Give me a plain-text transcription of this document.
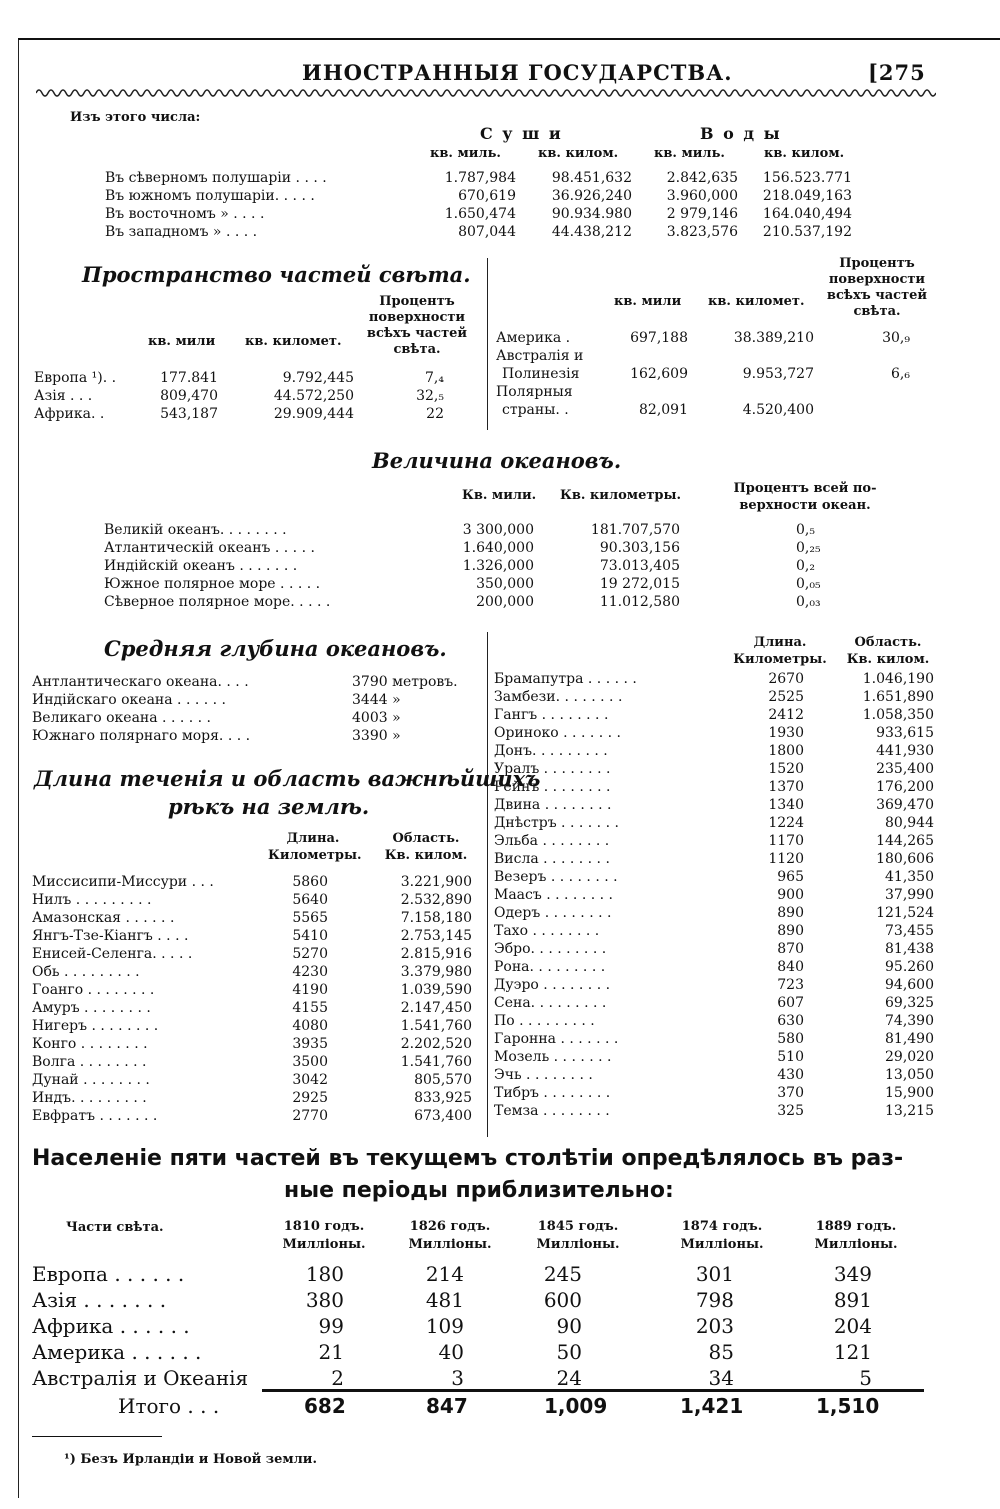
ИНОСТРАННЫЯ ГОСУДАРСТВА.	[275
Изъ этого числа:
С у ш и	В о д ы
кв. миль.	кв. килом.	кв. миль.	кв. килом.
Въ сѣверномъ полушаріи . . . .	1.787,984	98.451,632 2.842,635 156.523.771
Въ южномъ полушаріи. . . . .	670,619	36.926,240 3.960,000 218.049,163
Въ восточномъ » . . . .	1.650,474	90.934.980 2 979,146 164.040,494
Въ западномъ » . . . .	807,044	44.438,212 3.823,576 210.537,192
Пространство частей свѣта.
Процентъ
поверхности
всѣхъ частей
свѣта.
кв. мили кв. километ.
Процентъ
поверхности
всѣхъ частей
свѣта.
кв. мили кв. километ.
Европа ¹). .	177.841	9.792,445	7,₄
Азія . . .	809,470	44.572,250	32,₅
Африка. .	543,187	29.909,444	22
Америка .	697,188	38.389,210	30,₉
Австралія и
Полинезія	162,609	9.953,727	6,₆
Полярныя
страны. .	82,091	4.520,400
Величина океановъ.
Кв. мили. Кв. километры.	Процентъ всей по-
верхности океан.
Великій океанъ. . . . . . . .	3 300,000	181.707,570	0,₅
Атлантическій океанъ . . . . .	1.640,000	90.303,156	0,₂₅
Индійскій океанъ . . . . . . .	1.326,000	73.013,405	0,₂
Южное полярное море . . . . .	350,000	19 272,015	0,₀₅
Сѣверное полярное море. . . . .	200,000	11.012,580	0,₀₃
Средняя глубина океановъ.
Антлантическаго океана. . . .	3790 метровъ.
Индійскаго океана . . . . . .	3444 »
Великаго океана . . . . . .	4003 »
Южнаго полярнаго моря. . . .	3390 »
Длина теченія и область важнѣйшихъ
рѣкъ на землѣ.
Длина.
Километры.
Область.
Кв. килом.
Длина.
Километры.
Область.
Кв. килом.
Миссисипи-Миссури . . .	5860	3.221,900
Нилъ . . . . . . . . .	5640	2.532,890
Амазонская . . . . . .	5565	7.158,180
Янгъ-Тзе-Кіангъ . . . .	5410	2.753,145
Енисей-Селенга. . . . .	5270	2.815,916
Обь . . . . . . . . .	4230	3.379,980
Гоанго . . . . . . . .	4190	1.039,590
Амуръ . . . . . . . .	4155	2.147,450
Нигеръ . . . . . . . .	4080	1.541,760
Конго . . . . . . . .	3935	2.202,520
Волга . . . . . . . .	3500	1.541,760
Дунай . . . . . . . .	3042	805,570
Индъ. . . . . . . . .	2925	833,925
Евфратъ . . . . . . .	2770	673,400
Брамапутра . . . . . .	2670	1.046,190
Замбези. . . . . . . .	2525	1.651,890
Гангъ . . . . . . . .	2412	1.058,350
Ориноко . . . . . . .	1930	933,615
Донъ. . . . . . . . .	1800	441,930
Уралъ . . . . . . . .	1520	235,400
Рейнъ . . . . . . . .	1370	176,200
Двина . . . . . . . .	1340	369,470
Днѣстръ . . . . . . .	1224	80,944
Эльба . . . . . . . .	1170	144,265
Висла . . . . . . . .	1120	180,606
Везеръ . . . . . . . .	965	41,350
Маасъ . . . . . . . .	900	37,990
Одеръ . . . . . . . .	890	121,524
Тахо . . . . . . . .	890	73,455
Эбро. . . . . . . . .	870	81,438
Рона. . . . . . . . .	840	95.260
Дуэро . . . . . . . .	723	94,600
Сена. . . . . . . . .	607	69,325
По . . . . . . . . .	630	74,390
Гаронна . . . . . . .	580	81,490
Мозель . . . . . . .	510	29,020
Эчь . . . . . . . .	430	13,050
Тибръ . . . . . . . .	370	15,900
Темза . . . . . . . .	325	13,215
Населеніе пяти частей въ текущемъ столѣтіи опредѣлялось въ раз-
ные періоды приблизительно:
Части свѣта.	1810 годъ.
Милліоны.
1826 годъ.
Милліоны.
1845 годъ.
Милліоны.
1874 годъ.
Милліоны.
1889 годъ.
Милліоны.
Европа . . . . . .	180	214	245	301	349
Азія . . . . . . .	380	481	600	798	891
Африка . . . . . .	99	109	90	203	204
Америка . . . . . .	21	40	50	85	121
Австралія и Океанія	2	3	24	34	5
Итого . . .	682	847	1,009	1,421	1,510
¹) Безъ Ирландіи и Новой земли.
